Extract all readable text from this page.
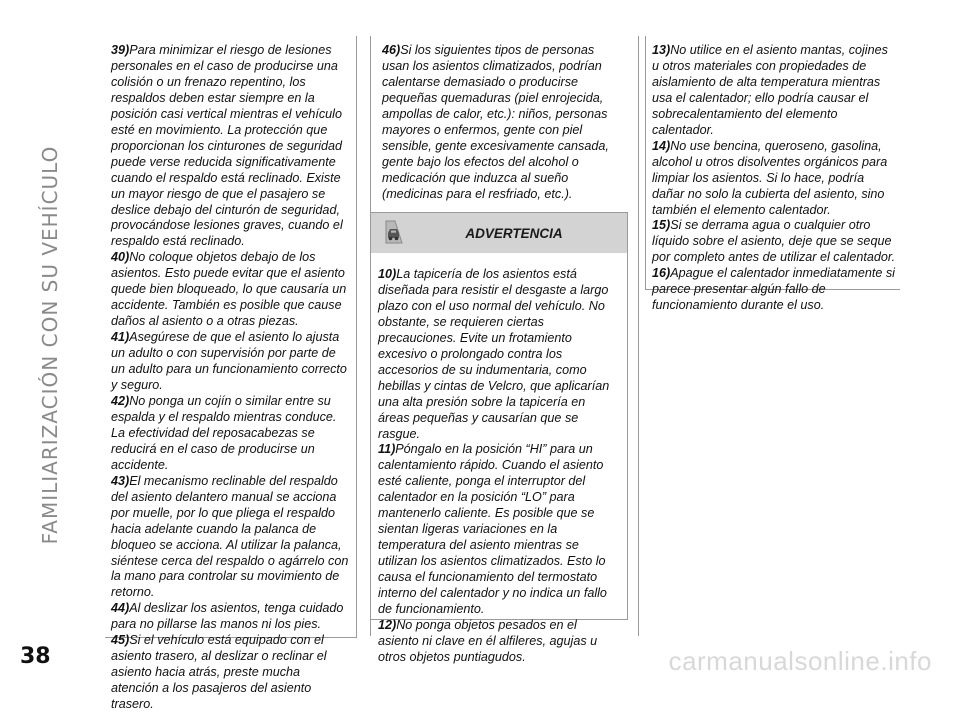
FAMILIARIZACIÓN CON SU VEHÍCULO
39)Para minimizar el riesgo de lesiones personales en el caso de producirse una colisión o un frenazo repentino, los respaldos deben estar siempre en la posición casi vertical mientras el vehículo esté en movimiento. La protección que proporcionan los cinturones de seguridad puede verse reducida significativamente cuando el respaldo está reclinado. Existe un mayor riesgo de que el pasajero se deslice debajo del cinturón de seguridad, provocándose lesiones graves, cuando el respaldo está reclinado.
40)No coloque objetos debajo de los asientos. Esto puede evitar que el asiento quede bien bloqueado, lo que causaría un accidente. También es posible que cause daños al asiento o a otras piezas.
41)Asegúrese de que el asiento lo ajusta un adulto o con supervisión por parte de un adulto para un funcionamiento correcto y seguro.
42)No ponga un cojín o similar entre su espalda y el respaldo mientras conduce. La efectividad del reposacabezas se reducirá en el caso de producirse un accidente.
43)El mecanismo reclinable del respaldo del asiento delantero manual se acciona por muelle, por lo que pliega el respaldo hacia adelante cuando la palanca de bloqueo se acciona. Al utilizar la palanca, siéntese cerca del respaldo o agárrelo con la mano para controlar su movimiento de retorno.
44)Al deslizar los asientos, tenga cuidado para no pillarse las manos ni los pies.
45)Si el vehículo está equipado con el asiento trasero, al deslizar o reclinar el asiento hacia atrás, preste mucha atención a los pasajeros del asiento trasero.
46)Si los siguientes tipos de personas usan los asientos climatizados, podrían calentarse demasiado o producirse pequeñas quemaduras (piel enrojecida, ampollas de calor, etc.): niños, personas mayores o enfermos, gente con piel sensible, gente excesivamente cansada, gente bajo los efectos del alcohol o medicación que induzca al sueño (medicinas para el resfriado, etc.).
ADVERTENCIA
10)La tapicería de los asientos está diseñada para resistir el desgaste a largo plazo con el uso normal del vehículo. No obstante, se requieren ciertas precauciones. Evite un frotamiento excesivo o prolongado contra los accesorios de su indumentaria, como hebillas y cintas de Velcro, que aplicarían una alta presión sobre la tapicería en áreas pequeñas y causarían que se rasgue.
11)Póngalo en la posición “HI” para un calentamiento rápido. Cuando el asiento esté caliente, ponga el interruptor del calentador en la posición “LO” para mantenerlo caliente. Es posible que se sientan ligeras variaciones en la temperatura del asiento mientras se utilizan los asientos climatizados. Esto lo causa el funcionamiento del termostato interno del calentador y no indica un fallo de funcionamiento.
12)No ponga objetos pesados en el asiento ni clave en él alfileres, agujas u otros objetos puntiagudos.
13)No utilice en el asiento mantas, cojines u otros materiales con propiedades de aislamiento de alta temperatura mientras usa el calentador; ello podría causar el sobrecalentamiento del elemento calentador.
14)No use bencina, queroseno, gasolina, alcohol u otros disolventes orgánicos para limpiar los asientos. Si lo hace, podría dañar no solo la cubierta del asiento, sino también el elemento calentador.
15)Si se derrama agua o cualquier otro líquido sobre el asiento, deje que se seque por completo antes de utilizar el calentador.
16)Apague el calentador inmediatamente si parece presentar algún fallo de funcionamiento durante el uso.
38	carmanualsonline.info
